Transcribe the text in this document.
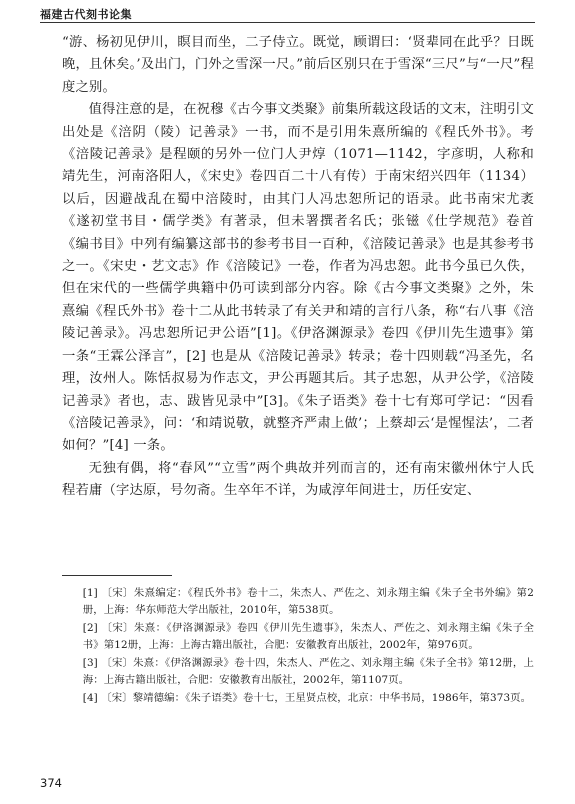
福建古代刻书论集

“游、杨初见伊川，瞑目而坐，二子侍立。既觉，顾谓曰：‘贤辈同在此乎？日既晚，且休矣。’及出门，门外之雪深一尺。”前后区别只在于雪深“三尺”与“一尺”程度之别。

值得注意的是，在祝穆《古今事文类聚》前集所载这段话的文末，注明引文出处是《涪阴（陵）记善录》一书，而不是引用朱熹所编的《程氏外书》。考《涪陵记善录》是程颐的另外一位门人尹焞（1071—1142，字彦明，人称和靖先生，河南洛阳人，《宋史》卷四百二十八有传）于南宋绍兴四年（1134）以后，因避战乱在蜀中涪陵时，由其门人冯忠恕所记的语录。此书南宋尤袤《遂初堂书目・儒学类》有著录，但未署撰者名氏；张镃《仕学规范》卷首《编书目》中列有编纂这部书的参考书目一百种，《涪陵记善录》也是其参考书之一。《宋史・艺文志》作《涪陵记》一卷，作者为冯忠恕。此书今虽已久佚，但在宋代的一些儒学典籍中仍可读到部分内容。除《古今事文类聚》之外，朱熹编《程氏外书》卷十二从此书转录了有关尹和靖的言行八条，称“右八事《涪陵记善录》。冯忠恕所记尹公语”[1]。《伊洛渊源录》卷四《伊川先生遗事》第一条“王霖公泽言”，[2] 也是从《涪陵记善录》转录；卷十四则载“冯圣先，名理，汝州人。陈恬叔易为作志文，尹公再题其后。其子忠恕，从尹公学，《涪陵记善录》者也，志、跋皆见录中”[3]。《朱子语类》卷十七有郑可学记：“因看《涪陵记善录》，问：‘和靖说敬，就整齐严肃上做’；上蔡却云‘是惺惺法’，二者如何？”[4] 一条。

无独有偶，将“春风”“立雪”两个典故并列而言的，还有南宋徽州休宁人氏程若庸（字达原，号勿斋。生卒年不详，为咸淳年间进士，历任安定、

[1] 〔宋〕朱熹编定：《程氏外书》卷十二，朱杰人、严佐之、刘永翔主编《朱子全书外编》第2册，上海：华东师范大学出版社，2010年，第538页。

[2] 〔宋〕朱熹：《伊洛渊源录》卷四《伊川先生遗事》，朱杰人、严佐之、刘永翔主编《朱子全书》第12册，上海：上海古籍出版社，合肥：安徽教育出版社，2002年，第976页。

[3] 〔宋〕朱熹：《伊洛渊源录》卷十四，朱杰人、严佐之、刘永翔主编《朱子全书》第12册，上海：上海古籍出版社，合肥：安徽教育出版社，2002年，第1107页。

[4] 〔宋〕黎靖德编：《朱子语类》卷十七，王星贤点校，北京：中华书局，1986年，第373页。

374
